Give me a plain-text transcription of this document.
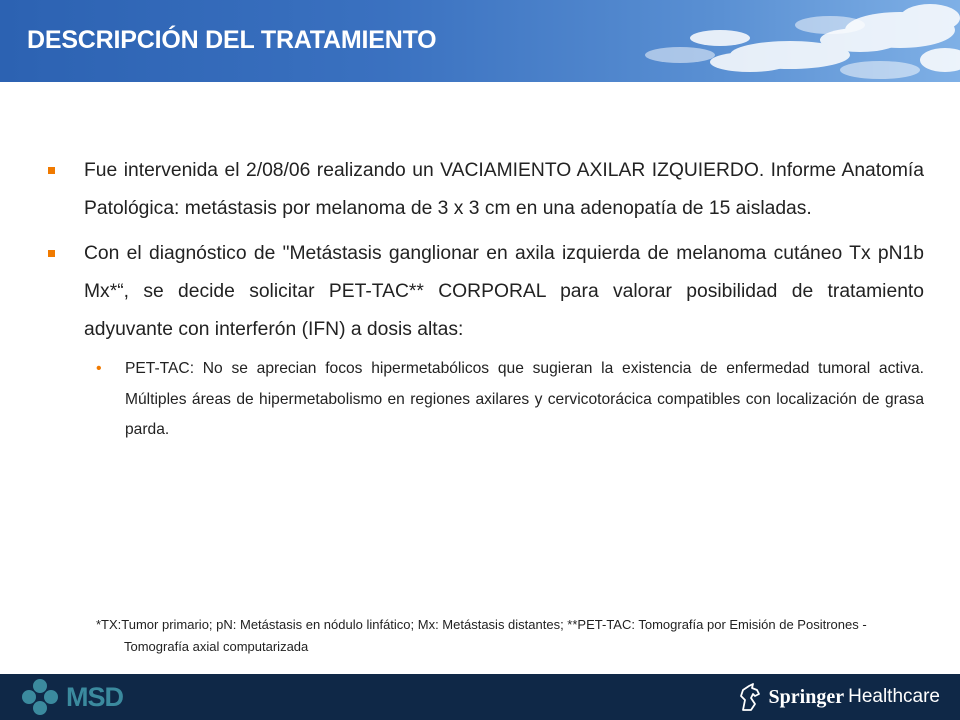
DESCRIPCIÓN DEL TRATAMIENTO

Fue intervenida el 2/08/06 realizando un VACIAMIENTO AXILAR IZQUIERDO. Informe Anatomía Patológica: metástasis por melanoma de 3 x 3 cm en una adenopatía de 15 aisladas.

Con el diagnóstico de "Metástasis ganglionar en axila izquierda de melanoma cutáneo Tx pN1b Mx*“, se decide solicitar PET-TAC** CORPORAL para valorar posibilidad de tratamiento adyuvante con interferón (IFN) a dosis altas:

• PET-TAC: No se aprecian focos hipermetabólicos que sugieran la existencia de enfermedad tumoral activa. Múltiples áreas de hipermetabolismo en regiones axilares y cervicotorácica compatibles con localización de grasa parda.
*TX:Tumor primario; pN: Metástasis en nódulo linfático; Mx: Metástasis distantes; **PET-TAC: Tomografía por Emisión de Positrones -Tomografía axial computarizada
MSD	Springer Healthcare
